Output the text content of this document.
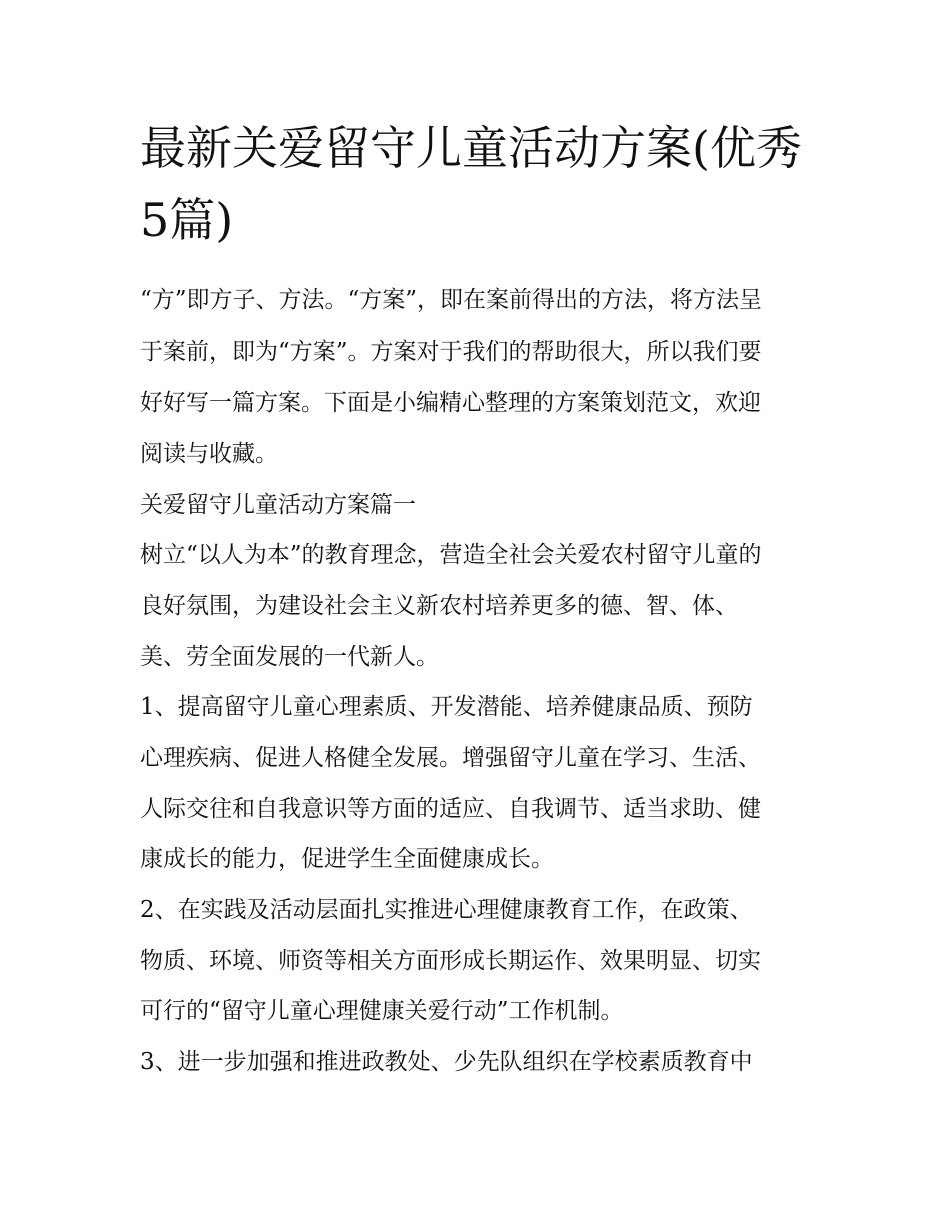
最新关爱留守儿童活动方案(优秀5篇)

“方”即方子、方法。“方案”，即在案前得出的方法，将方法呈

于案前，即为“方案”。方案对于我们的帮助很大，所以我们要

好好写一篇方案。下面是小编精心整理的方案策划范文，欢迎

阅读与收藏。

关爱留守儿童活动方案篇一

树立“以人为本”的教育理念，营造全社会关爱农村留守儿童的

良好氛围，为建设社会主义新农村培养更多的德、智、体、

美、劳全面发展的一代新人。

1、提高留守儿童心理素质、开发潜能、培养健康品质、预防

心理疾病、促进人格健全发展。增强留守儿童在学习、生活、

人际交往和自我意识等方面的适应、自我调节、适当求助、健

康成长的能力，促进学生全面健康成长。

2、在实践及活动层面扎实推进心理健康教育工作，在政策、

物质、环境、师资等相关方面形成长期运作、效果明显、切实

可行的“留守儿童心理健康关爱行动”工作机制。

3、进一步加强和推进政教处、少先队组织在学校素质教育中
